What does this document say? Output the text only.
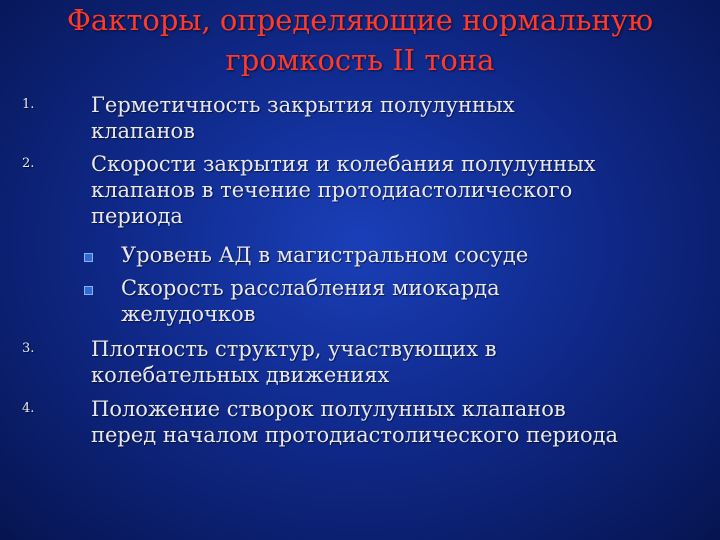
Факторы, определяющие нормальную
громкость II тона
1.	Герметичность закрытия полулунных
клапанов
2.	Скорости закрытия и колебания полулунных
клапанов в течение протодиастолического
периода
Уровень АД в магистральном сосуде
Скорость расслабления миокарда
желудочков
3.	Плотность структур, участвующих в
колебательных движениях
4.	Положение створок полулунных клапанов
перед началом протодиастолического периода
